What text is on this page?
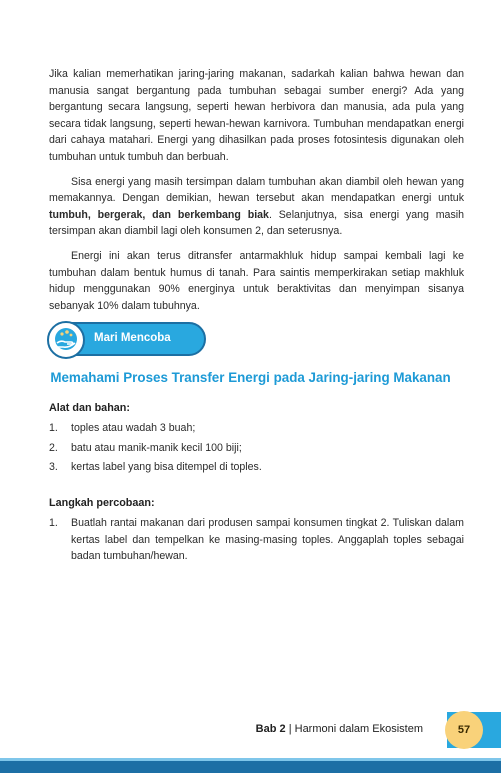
Jika kalian memerhatikan jaring-jaring makanan, sadarkah kalian bahwa hewan dan manusia sangat bergantung pada tumbuhan sebagai sumber energi? Ada yang bergantung secara langsung, seperti hewan herbivora dan manusia, ada pula yang secara tidak langsung, seperti hewan-hewan karnivora. Tumbuhan mendapatkan energi dari cahaya matahari. Energi yang dihasilkan pada proses fotosintesis digunakan oleh tumbuhan untuk tumbuh dan berbuah.

Sisa energi yang masih tersimpan dalam tumbuhan akan diambil oleh hewan yang memakannya. Dengan demikian, hewan tersebut akan mendapatkan energi untuk tumbuh, bergerak, dan berkembang biak. Selanjutnya, sisa energi yang masih tersimpan akan diambil lagi oleh konsumen 2, dan seterusnya.

Energi ini akan terus ditransfer antarmakhluk hidup sampai kembali lagi ke tumbuhan dalam bentuk humus di tanah. Para saintis memperkirakan setiap makhluk hidup menggunakan 90% energinya untuk beraktivitas dan menyimpan sisanya sebanyak 10% dalam tubuhnya.

Mari Mencoba
Memahami Proses Transfer Energi pada Jaring-jaring Makanan
Alat dan bahan:
1. toples atau wadah 3 buah;
2. batu atau manik-manik kecil 100 biji;
3. kertas label yang bisa ditempel di toples.
Langkah percobaan:
1. Buatlah rantai makanan dari produsen sampai konsumen tingkat 2. Tuliskan dalam kertas label dan tempelkan ke masing-masing toples. Anggaplah toples sebagai badan tumbuhan/hewan.
Bab 2 | Harmoni dalam Ekosistem	57
